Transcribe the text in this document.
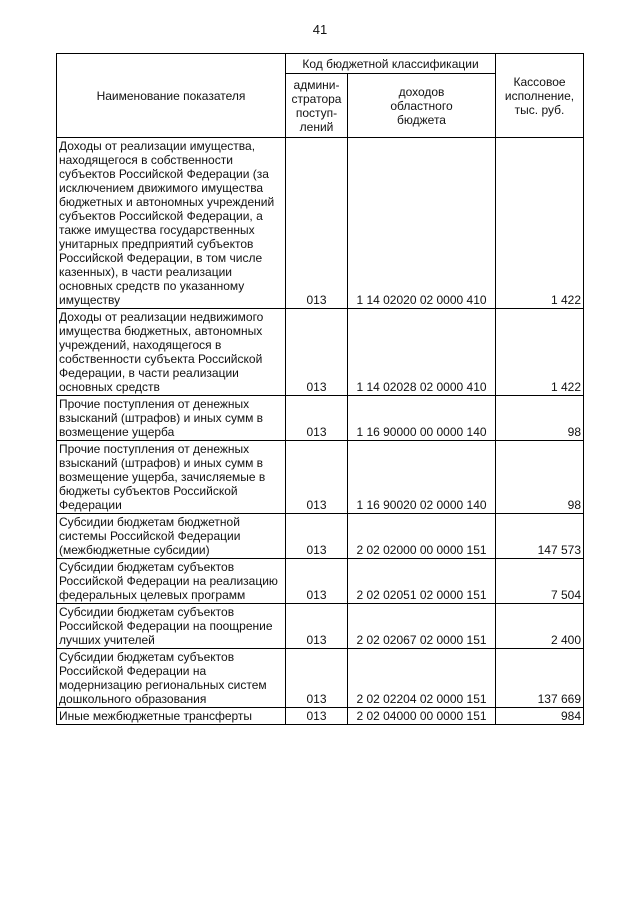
41
Наименование показателя	Код бюджетной классификации		Кассовое
исполнение,
тыс. руб.
	админи-
стратора
поступ-
лений	доходов
областного
бюджета	
Доходы от реализации имущества, находящегося в собственности субъектов Российской Федерации (за исключением движимого имущества бюджетных и автономных учреждений субъектов Российской Федерации, а также имущества государственных унитарных предприятий субъектов Российской Федерации, в том числе казенных), в части реализации основных средств по указанному имуществу	013	1 14 02020 02 0000 410	1 422
Доходы от реализации недвижимого имущества бюджетных, автономных учреждений, находящегося в собственности субъекта Российской Федерации, в части реализации основных средств	013	1 14 02028 02 0000 410	1 422
Прочие поступления от денежных взысканий (штрафов) и иных сумм в возмещение ущерба	013	1 16 90000 00 0000 140	98
Прочие поступления от денежных взысканий (штрафов) и иных сумм в возмещение ущерба, зачисляемые в бюджеты субъектов Российской Федерации	013	1 16 90020 02 0000 140	98
Субсидии бюджетам бюджетной системы Российской Федерации (межбюджетные субсидии)	013	2 02 02000 00 0000 151	147 573
Субсидии бюджетам субъектов Российской Федерации на реализацию федеральных целевых программ	013	2 02 02051 02 0000 151	7 504
Субсидии бюджетам субъектов Российской Федерации на поощрение лучших учителей	013	2 02 02067 02 0000 151	2 400
Субсидии бюджетам субъектов Российской Федерации на модернизацию региональных систем дошкольного образования	013	2 02 02204 02 0000 151	137 669
Иные межбюджетные трансферты	013	2 02 04000 00 0000 151	984
